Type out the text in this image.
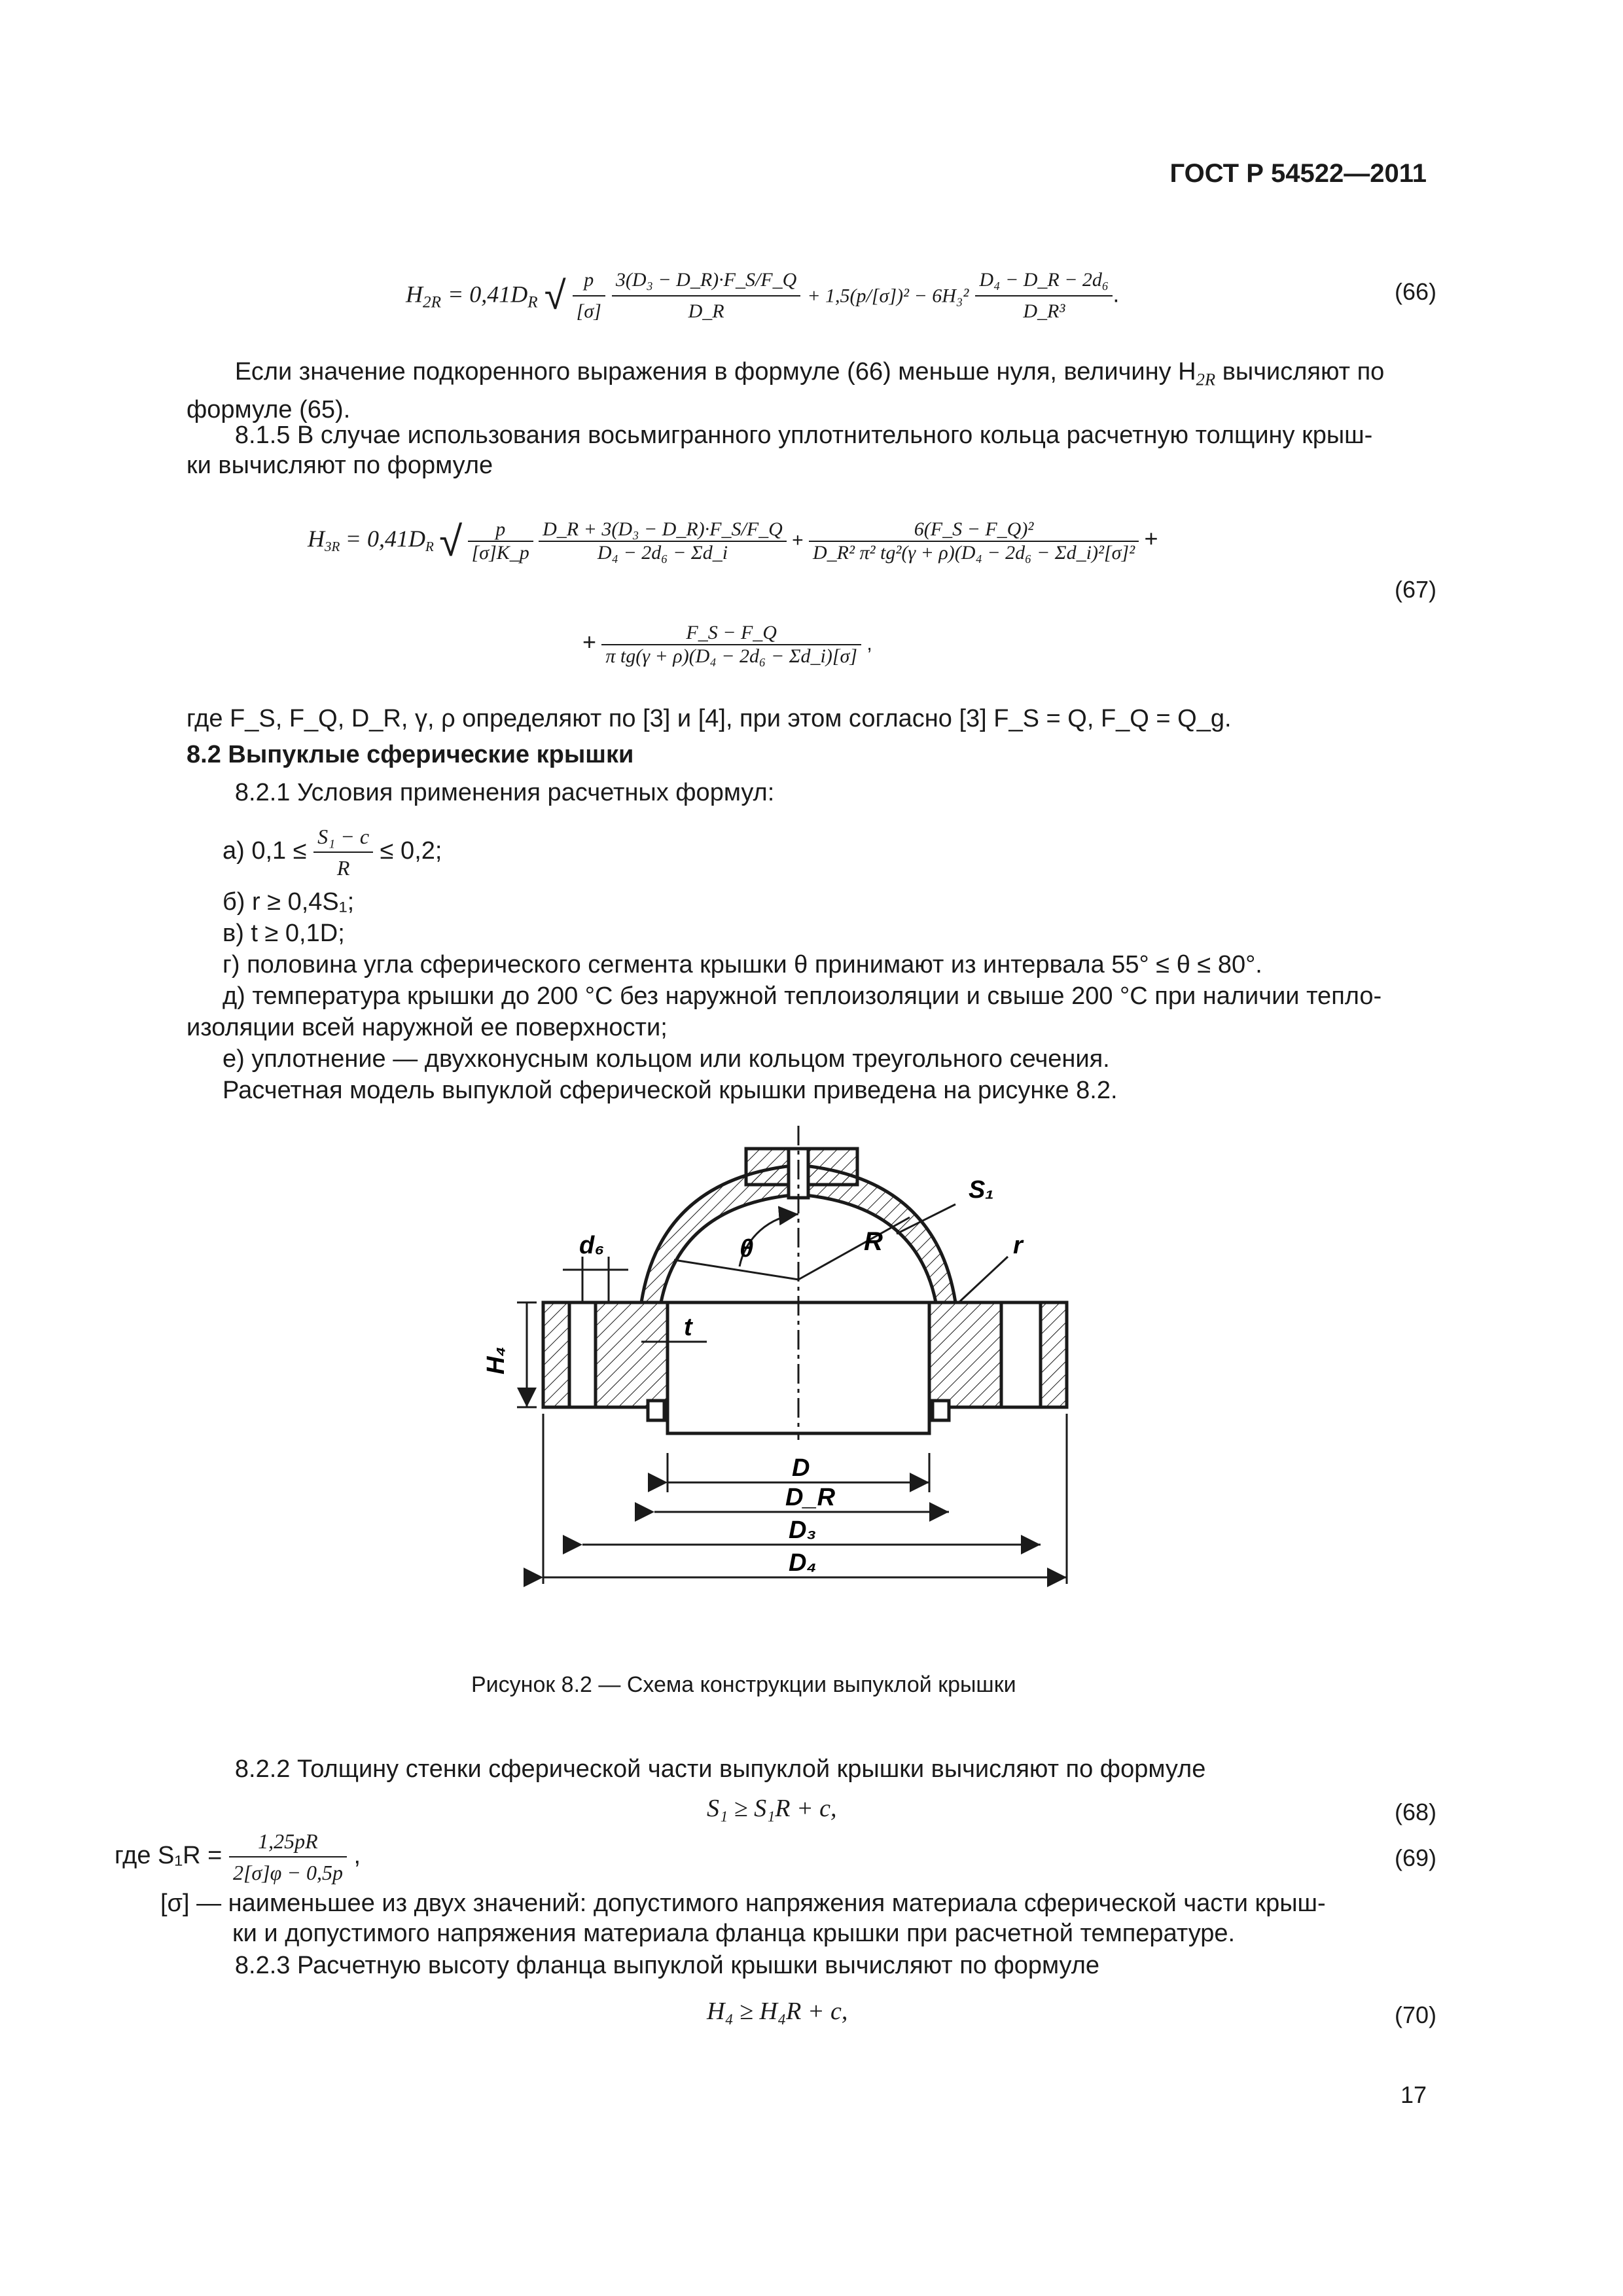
ГОСТ Р 54522—2011
$H_{2R} = 0,41D_R$ √ $\frac{p}{[\sigma]}$
$\frac{\text{3(D₃ − D\_R)·F\_S/F\_Q}}{D\_R} + 1,5(p/[\sigma])^2 - 6H_3^2 \frac{\text{D₄ − D\_R − 2d₆}}{\text{D\_R³}}$ .	(66)
Если значение подкоренного выражения в формуле (66) меньше нуля, величину $H_{2R}$ вычисляют по
формуле (65).
8.1.5 В случае использования восьмигранного уплотнительного кольца расчетную толщину крыш-
ки вычисляют по формуле
$H_{3R} = 0,41D_R$ √ $\frac{p}{[\sigma]K\_p}$
$\frac{\text{D\_R + 3(D₃ − D\_R)·F\_S/F\_Q}}{\text{D₄ − 2d₆ − Σd\_i}} + \frac{\text{6(F\_S − F\_Q)²}}{\text{D\_R² π² tg²(γ + ρ)(D₄ − 2d₆ − Σd\_i)²[σ]²}}$ +
+ $\frac{F\_S - F\_Q}{\text{π tg(γ + ρ)(D₄ − 2d₆ − Σd\_i)[σ]}}$ ,
(67)
где F_S, F_Q, D_R, γ, ρ определяют по [3] и [4], при этом согласно [3] F_S = Q, F_Q = Q_g.
8.2 Выпуклые сферические крышки
8.2.1 Условия применения расчетных формул:
а) $0,1 \le \frac{\text{S₁ − c}}{R} \le 0,2$;
б) r ≥ 0,4S₁;
в) t ≥ 0,1D;
г) половина угла сферического сегмента крышки θ принимают из интервала 55° ≤ θ ≤ 80°.
д) температура крышки до 200 °С без наружной теплоизоляции и свыше 200 °С при наличии тепло-
изоляции всей наружной ее поверхности;
е) уплотнение — двухконусным кольцом или кольцом треугольного сечения.
Расчетная модель выпуклой сферической крышки приведена на рисунке 8.2.
S₁
r
d₆	θ	R
t
H₄
D
D_R
D₃
D₄
Рисунок 8.2 — Схема конструкции выпуклой крышки
8.2.2 Толщину стенки сферической части выпуклой крышки вычисляют по формуле
S₁ ≥ S₁R + c,	(68)
где $S_1R = \frac{1,25pR}{2[\sigma]\varphi - 0,5p}$ ,	(69)
[σ] — наименьшее из двух значений: допустимого напряжения материала сферической части крыш-
ки и допустимого напряжения материала фланца крышки при расчетной температуре.
8.2.3 Расчетную высоту фланца выпуклой крышки вычисляют по формуле
H₄ ≥ H₄R + c,	(70)
17
